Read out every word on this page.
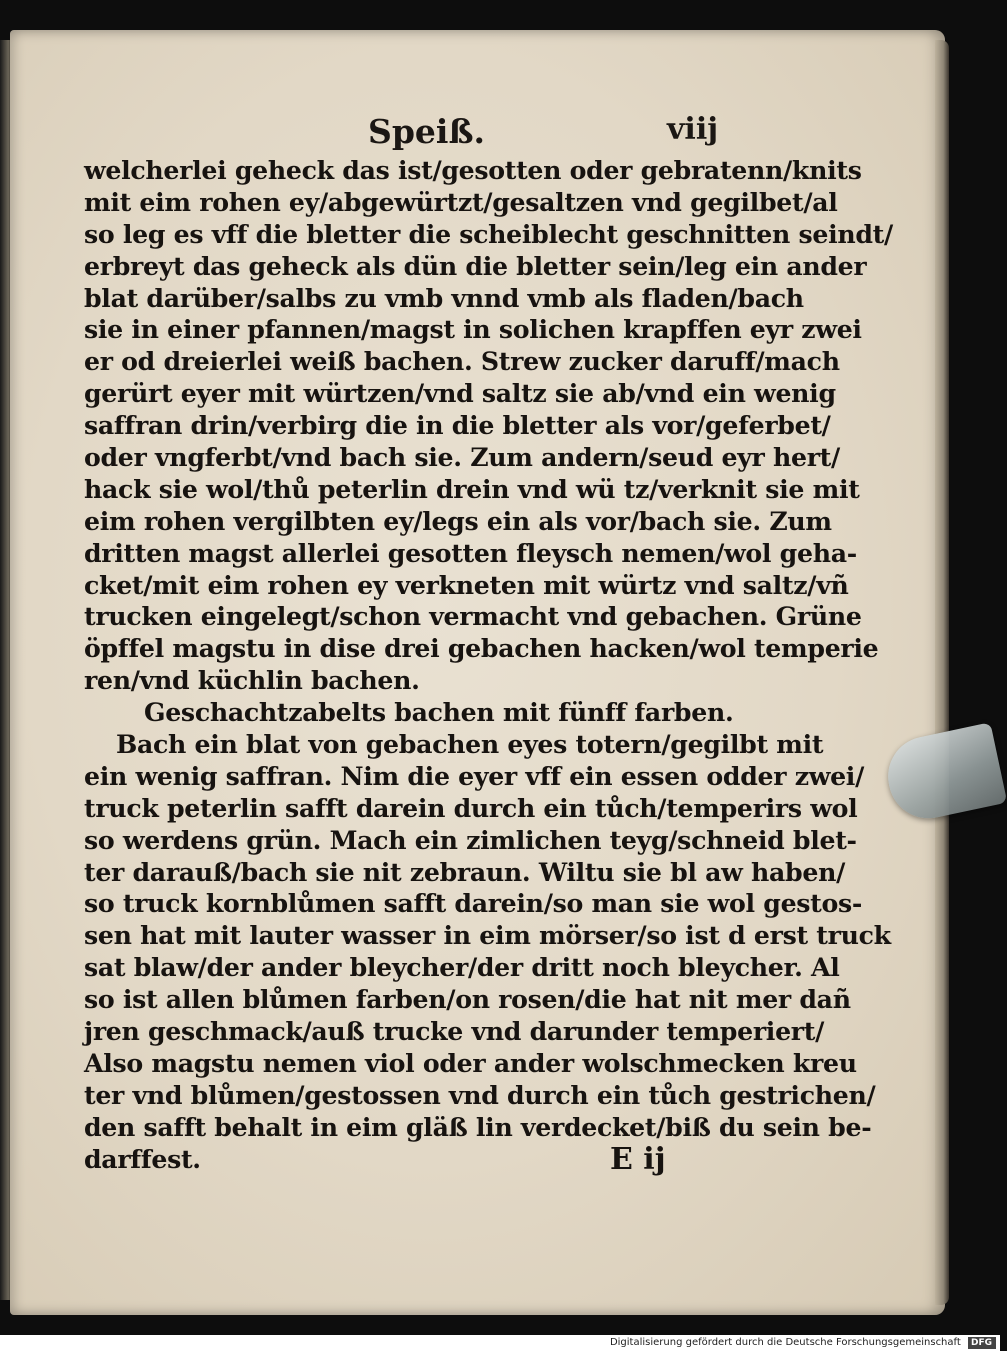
Speiß.	viij
welcherlei geheck das ist/gesotten oder gebratenn/knits
mit eim rohen ey/abgewürtzt/gesaltzen vnd gegilbet/al
so leg es vff die bletter die scheiblecht geschnitten seindt/
erbreyt das geheck als dün die bletter sein/leg ein ander
blat darüber/salbs zu vmb vnnd vmb als fladen/bach
sie in einer pfannen/magst in solichen krapffen eyr zwei
er od dreierlei weiß bachen. Strew zucker daruff/mach
gerürt eyer mit würtzen/vnd saltz sie ab/vnd ein wenig
saffran drin/verbirg die in die bletter als vor/geferbet/
oder vngferbt/vnd bach sie. Zum andern/seud eyr hert/
hack sie wol/thů peterlin drein vnd wü tz/verknit sie mit
eim rohen vergilbten ey/legs ein als vor/bach sie. Zum
dritten magst allerlei gesotten fleysch nemen/wol geha-
cket/mit eim rohen ey verkneten mit würtz vnd saltz/vñ
trucken eingelegt/schon vermacht vnd gebachen. Grüne
öpffel magstu in dise drei gebachen hacken/wol temperie
ren/vnd küchlin bachen.
Geschachtzabelts bachen mit fünff farben.
Bach ein blat von gebachen eyes totern/gegilbt mit
ein wenig saffran. Nim die eyer vff ein essen odder zwei/
truck peterlin safft darein durch ein tůch/temperirs wol
so werdens grün. Mach ein zimlichen teyg/schneid blet-
ter darauß/bach sie nit zebraun. Wiltu sie bl aw haben/
so truck kornblůmen safft darein/so man sie wol gestos-
sen hat mit lauter wasser in eim mörser/so ist d erst truck
sat blaw/der ander bleycher/der dritt noch bleycher. Al
so ist allen blůmen farben/on rosen/die hat nit mer dañ
jren geschmack/auß trucke vnd darunder temperiert/
Also magstu nemen viol oder ander wolschmecken kreu
ter vnd blůmen/gestossen vnd durch ein tůch gestrichen/
den safft behalt in eim gläß lin verdecket/biß du sein be-
darffest.	E ij
Digitalisierung gefördert durch die Deutsche Forschungsgemeinschaft DFG
